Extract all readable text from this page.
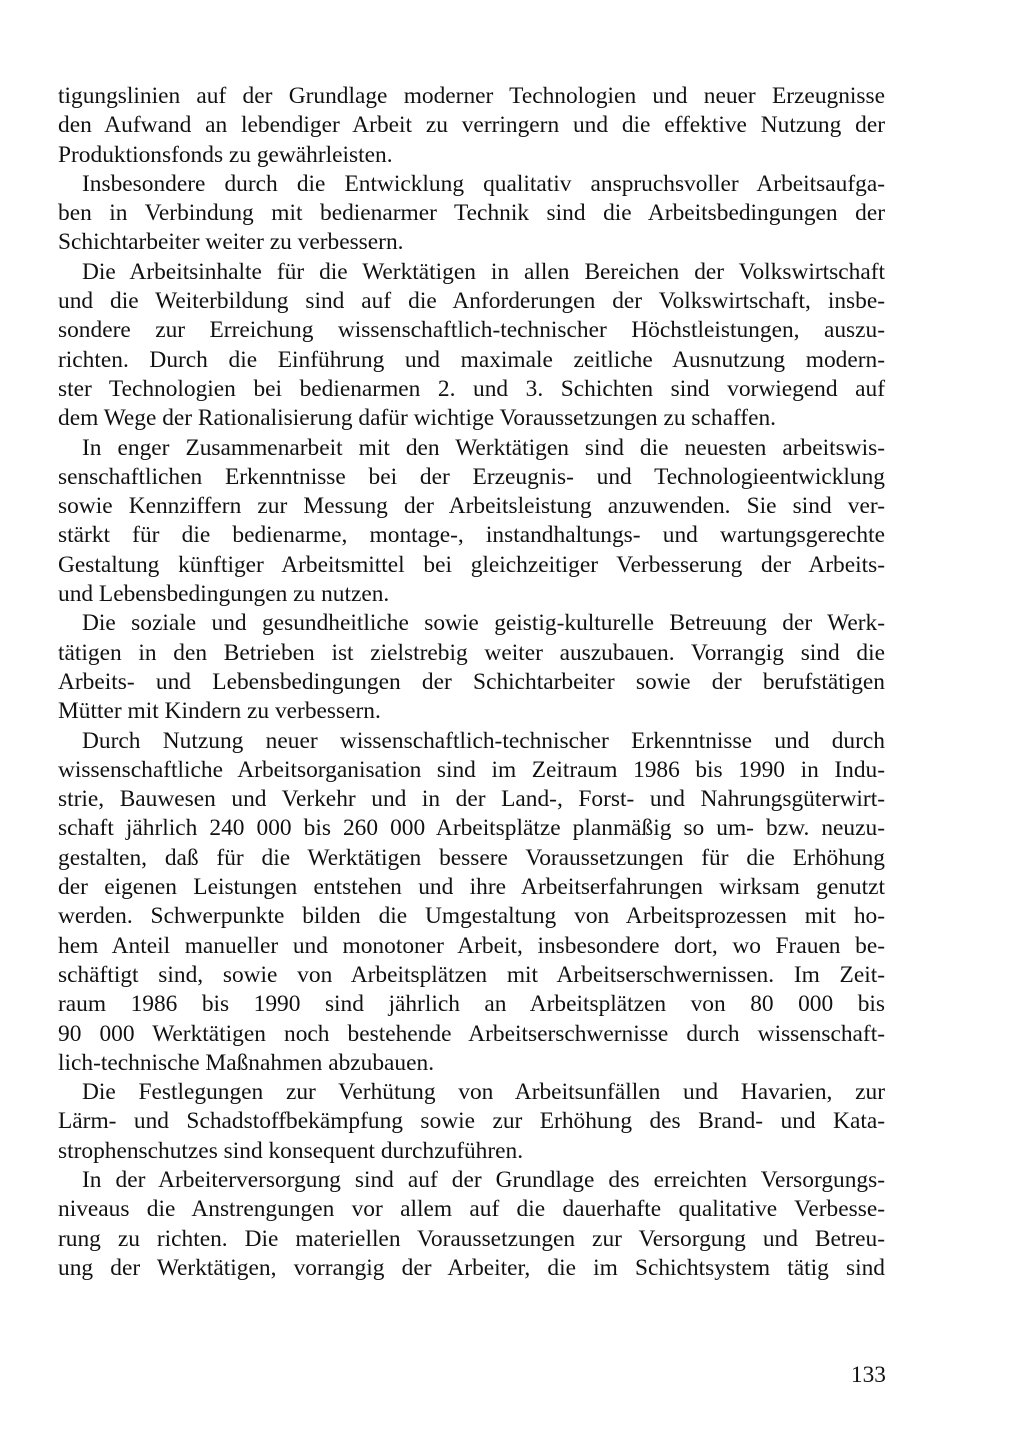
tigungslinien auf der Grundlage moderner Technologien und neuer Erzeugnisse
den Aufwand an lebendiger Arbeit zu verringern und die effektive Nutzung der
Produktionsfonds zu gewährleisten.
Insbesondere durch die Entwicklung qualitativ anspruchsvoller Arbeitsaufga-
ben in Verbindung mit bedienarmer Technik sind die Arbeitsbedingungen der
Schichtarbeiter weiter zu verbessern.
Die Arbeitsinhalte für die Werktätigen in allen Bereichen der Volkswirtschaft
und die Weiterbildung sind auf die Anforderungen der Volkswirtschaft, insbe-
sondere zur Erreichung wissenschaftlich-technischer Höchstleistungen, auszu-
richten. Durch die Einführung und maximale zeitliche Ausnutzung modern-
ster Technologien bei bedienarmen 2. und 3. Schichten sind vorwiegend auf
dem Wege der Rationalisierung dafür wichtige Voraussetzungen zu schaffen.
In enger Zusammenarbeit mit den Werktätigen sind die neuesten arbeitswis-
senschaftlichen Erkenntnisse bei der Erzeugnis- und Technologieentwicklung
sowie Kennziffern zur Messung der Arbeitsleistung anzuwenden. Sie sind ver-
stärkt für die bedienarme, montage-, instandhaltungs- und wartungsgerechte
Gestaltung künftiger Arbeitsmittel bei gleichzeitiger Verbesserung der Arbeits-
und Lebensbedingungen zu nutzen.
Die soziale und gesundheitliche sowie geistig-kulturelle Betreuung der Werk-
tätigen in den Betrieben ist zielstrebig weiter auszubauen. Vorrangig sind die
Arbeits- und Lebensbedingungen der Schichtarbeiter sowie der berufstätigen
Mütter mit Kindern zu verbessern.
Durch Nutzung neuer wissenschaftlich-technischer Erkenntnisse und durch
wissenschaftliche Arbeitsorganisation sind im Zeitraum 1986 bis 1990 in Indu-
strie, Bauwesen und Verkehr und in der Land-, Forst- und Nahrungsgüterwirt-
schaft jährlich 240 000 bis 260 000 Arbeitsplätze planmäßig so um- bzw. neuzu-
gestalten, daß für die Werktätigen bessere Voraussetzungen für die Erhöhung
der eigenen Leistungen entstehen und ihre Arbeitserfahrungen wirksam genutzt
werden. Schwerpunkte bilden die Umgestaltung von Arbeitsprozessen mit ho-
hem Anteil manueller und monotoner Arbeit, insbesondere dort, wo Frauen be-
schäftigt sind, sowie von Arbeitsplätzen mit Arbeitserschwernissen. Im Zeit-
raum 1986 bis 1990 sind jährlich an Arbeitsplätzen von 80 000 bis
90 000 Werktätigen noch bestehende Arbeitserschwernisse durch wissenschaft-
lich-technische Maßnahmen abzubauen.
Die Festlegungen zur Verhütung von Arbeitsunfällen und Havarien, zur
Lärm- und Schadstoffbekämpfung sowie zur Erhöhung des Brand- und Kata-
strophenschutzes sind konsequent durchzuführen.
In der Arbeiterversorgung sind auf der Grundlage des erreichten Versorgungs-
niveaus die Anstrengungen vor allem auf die dauerhafte qualitative Verbesse-
rung zu richten. Die materiellen Voraussetzungen zur Versorgung und Betreu-
ung der Werktätigen, vorrangig der Arbeiter, die im Schichtsystem tätig sind
133
